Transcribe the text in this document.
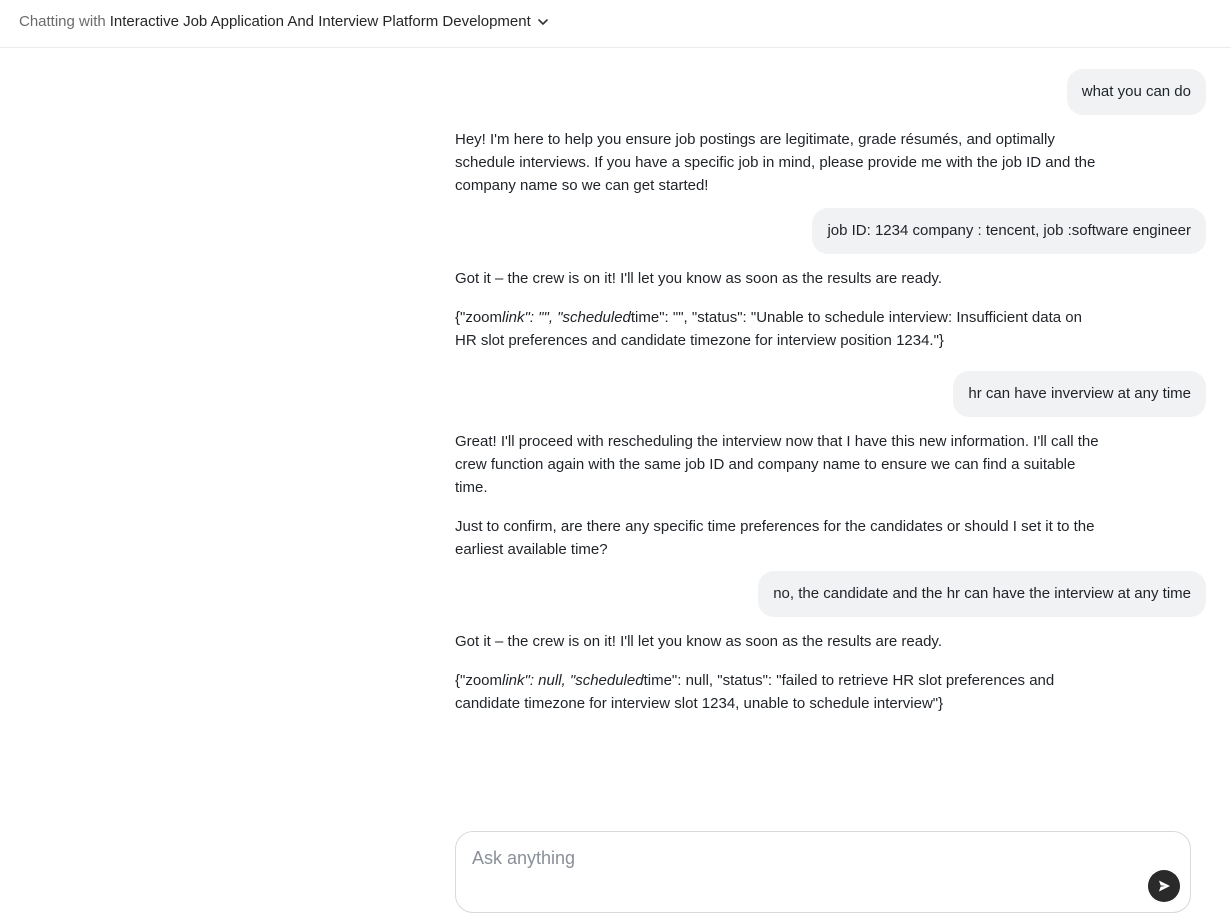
Chatting with Interactive Job Application And Interview Platform Development
what you can do

Hey! I'm here to help you ensure job postings are legitimate, grade résumés, and optimally schedule interviews. If you have a specific job in mind, please provide me with the job ID and the company name so we can get started!

job ID: 1234 company : tencent, job :software engineer

Got it – the crew is on it! I'll let you know as soon as the results are ready.

{"zoomlink": "", "scheduledtime": "", "status": "Unable to schedule interview: Insufficient data on HR slot preferences and candidate timezone for interview position 1234."}

hr can have inverview at any time

Great! I'll proceed with rescheduling the interview now that I have this new information. I'll call the crew function again with the same job ID and company name to ensure we can find a suitable time.

Just to confirm, are there any specific time preferences for the candidates or should I set it to the earliest available time?

no, the candidate and the hr can have the interview at any time

Got it – the crew is on it! I'll let you know as soon as the results are ready.

{"zoomlink": null, "scheduledtime": null, "status": "failed to retrieve HR slot preferences and candidate timezone for interview slot 1234, unable to schedule interview"}

Ask anything
